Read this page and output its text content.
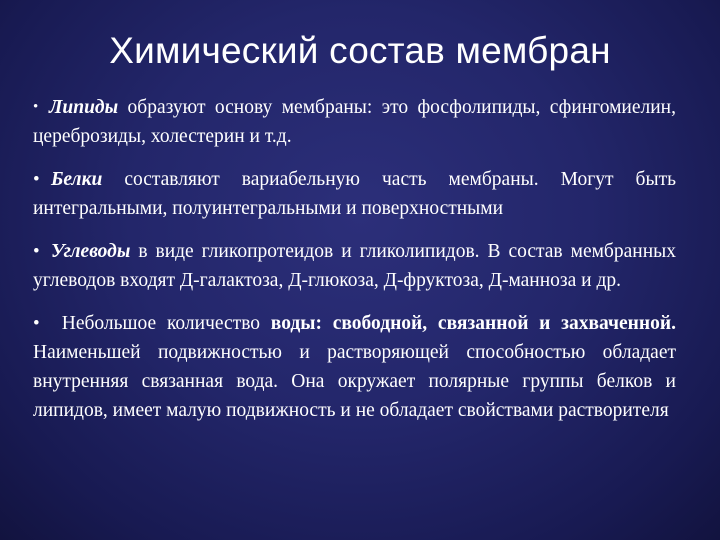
Химический состав мембран

• Липиды образуют основу мембраны: это фосфолипиды, сфингомиелин, цереброзиды, холестерин и т.д.

• Белки составляют вариабельную часть мембраны. Могут быть интегральными, полуинтегральными и поверхностными

• Углеводы в виде гликопротеидов и гликолипидов. В состав мембранных углеводов входят Д-галактоза, Д-глюкоза, Д-фруктоза, Д-манноза и др.

• Небольшое количество воды: свободной, связанной и захваченной. Наименьшей подвижностью и растворяющей способностью обладает внутренняя связанная вода. Она окружает полярные группы белков и липидов, имеет малую подвижность и не обладает свойствами растворителя
